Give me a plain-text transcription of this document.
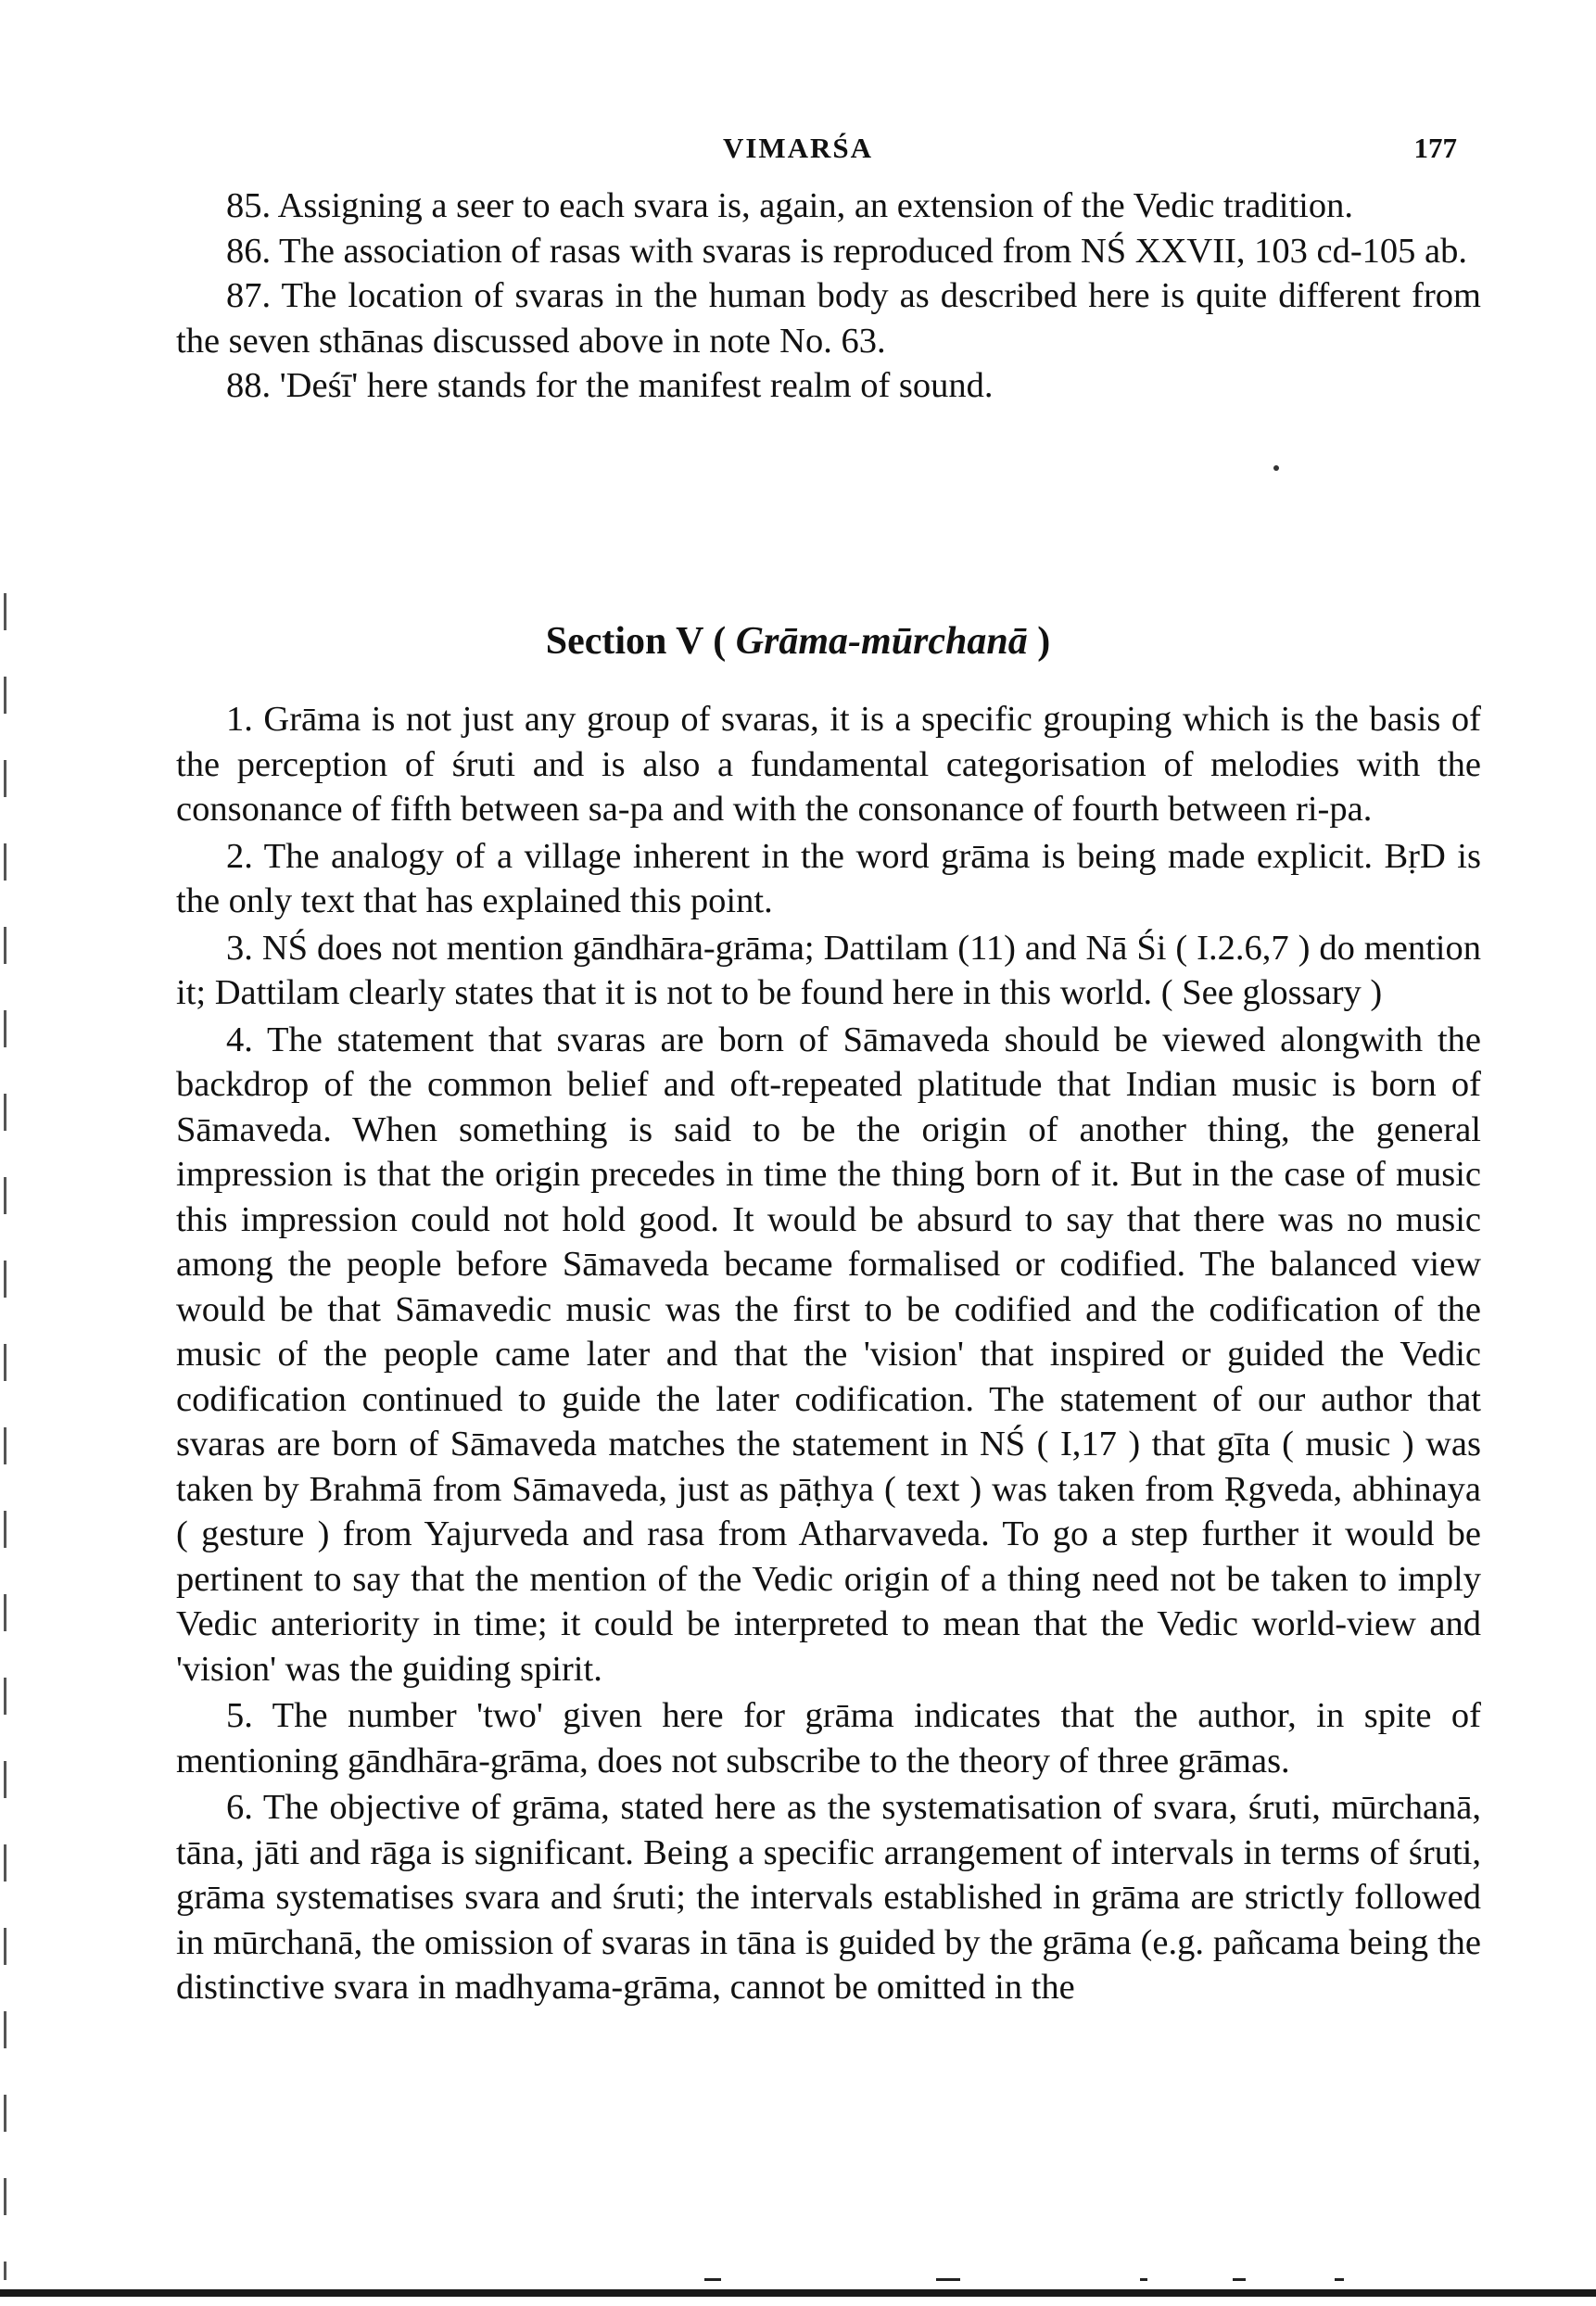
VIMARŚA	177

85. Assigning a seer to each svara is, again, an extension of the Vedic tradition.

86. The association of rasas with svaras is reproduced from NŚ XXVII, 103 cd-105 ab.

87. The location of svaras in the human body as described here is quite different from the seven sthānas discussed above in note No. 63.

88. 'Deśī' here stands for the manifest realm of sound.

Section V ( Grāma-mūrchanā )

1. Grāma is not just any group of svaras, it is a specific grouping which is the basis of the perception of śruti and is also a fundamental categorisation of melodies with the consonance of fifth between sa-pa and with the consonance of fourth between ri-pa.

2. The analogy of a village inherent in the word grāma is being made explicit. BṛD is the only text that has explained this point.

3. NŚ does not mention gāndhāra-grāma; Dattilam (11) and Nā Śi ( I.2.6,7 ) do mention it; Dattilam clearly states that it is not to be found here in this world. ( See glossary )

4. The statement that svaras are born of Sāmaveda should be viewed alongwith the backdrop of the common belief and oft-repeated platitude that Indian music is born of Sāmaveda. When something is said to be the origin of another thing, the general impression is that the origin precedes in time the thing born of it. But in the case of music this impression could not hold good. It would be absurd to say that there was no music among the people before Sāmaveda became formalised or codified. The balanced view would be that Sāmavedic music was the first to be codified and the codification of the music of the people came later and that the 'vision' that inspired or guided the Vedic codification continued to guide the later codification. The statement of our author that svaras are born of Sāmaveda matches the statement in NŚ ( I,17 ) that gīta ( music ) was taken by Brahmā from Sāmaveda, just as pāṭhya ( text ) was taken from Ṛgveda, abhinaya ( gesture ) from Yajurveda and rasa from Atharvaveda. To go a step further it would be pertinent to say that the mention of the Vedic origin of a thing need not be taken to imply Vedic anteriority in time; it could be interpreted to mean that the Vedic world-view and 'vision' was the guiding spirit.

5. The number 'two' given here for grāma indicates that the author, in spite of mentioning gāndhāra-grāma, does not subscribe to the theory of three grāmas.

6. The objective of grāma, stated here as the systematisation of svara, śruti, mūrchanā, tāna, jāti and rāga is significant. Being a specific arrangement of intervals in terms of śruti, grāma systematises svara and śruti; the intervals established in grāma are strictly followed in mūrchanā, the omission of svaras in tāna is guided by the grāma (e.g. pañcama being the distinctive svara in madhyama-grāma, cannot be omitted in the
